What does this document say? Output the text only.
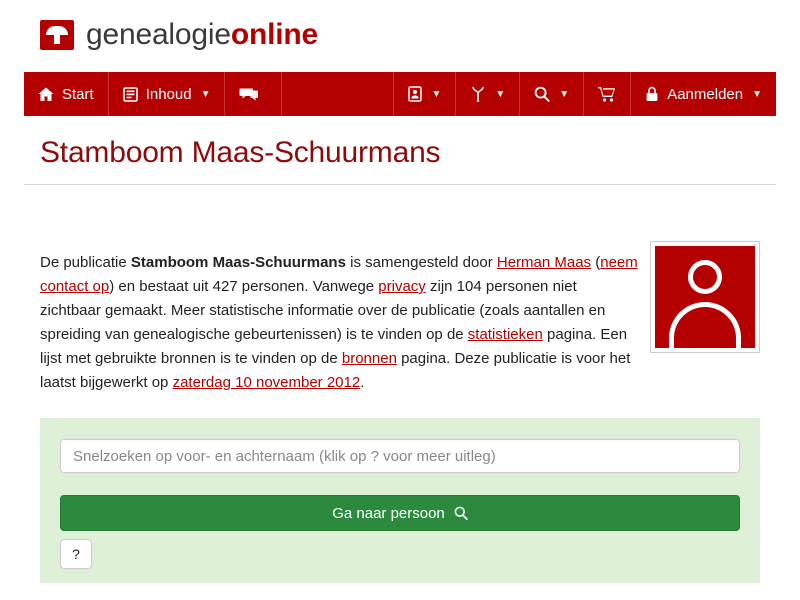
genealogieonline
Start	Inhoud ▼	▼	▼	▼	Aanmelden ▼
Stamboom Maas-Schuurmans

De publicatie Stamboom Maas-Schuurmans is samengesteld door Herman Maas (neem contact op) en bestaat uit 427 personen. Vanwege privacy zijn 104 personen niet zichtbaar gemaakt. Meer statistische informatie over de publicatie (zoals aantallen en spreiding van genealogische gebeurtenissen) is te vinden op de statistieken pagina. Een lijst met gebruikte bronnen is te vinden op de bronnen pagina. Deze publicatie is voor het laatst bijgewerkt op zaterdag 10 november 2012.

Snelzoeken op voor- en achternaam (klik op ? voor meer uitleg)
Ga naar persoon
?
